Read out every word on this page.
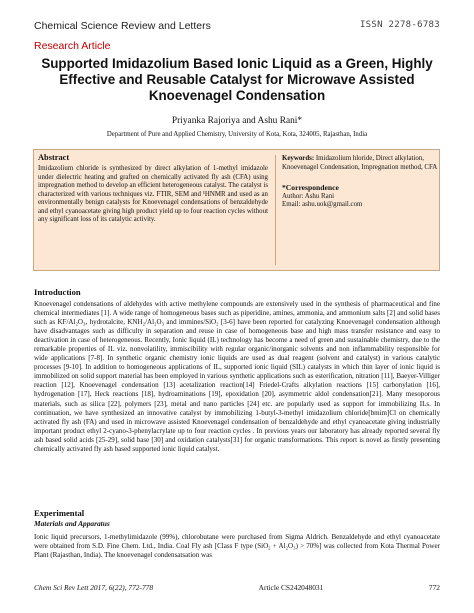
Chemical Science Review and Letters	ISSN 2278-6783
Research Article
Supported Imidazolium Based Ionic Liquid as a Green, Highly Effective and Reusable Catalyst for Microwave Assisted Knoevenagel Condensation
Priyanka Rajoriya and Ashu Rani*
Department of Pure and Applied Chemistry, University of Kota, Kota, 324005, Rajasthan, India
Abstract
Imidazolium chloride is synthesized by direct alkylation of 1-methyl imidazole under dielectric heating and grafted on chemically activated fly ash (CFA) using impregnation method to develop an efficient heterogeneous catalyst. The catalyst is characterized with various techniques viz. FTIR, SEM and ¹HNMR and used as an environmentally benign catalysts for Knoevenagel condensations of benzaldehyde and ethyl cyanoacetate giving high product yield up to four reaction cycles without any significant loss of its catalytic activity.
Keywords: Imidazolium hloride, Direct alkylation, Knoevenagel Condensation, Impregnation method, CFA
*Correspondence
Author: Ashu Rani
Email: ashu.uok@gmail.com
Introduction

Knoevenagel condensations of aldehydes with active methylene compounds are extensively used in the synthesis of pharmaceutical and fine chemical intermediates [1]. A wide range of homogeneous bases such as piperidine, amines, ammonia, and ammonium salts [2] and solid bases such as KF/Al₂O₃, hydrotalcite, KNH₂/Al₂O₃ and immines/SiO₂ [3-6] have been reported for catalyzing Knoevenagel condensation although have disadvantages such as difficulty in separation and reuse in case of homogeneous base and high mass transfer resistance and easy to deactivation in case of heterogeneous. Recently, Ionic liquid (IL) technology has become a need of green and sustainable chemistry, due to the remarkable properties of IL viz. nonvolatility, immiscibility with regular organic/inorganic solvents and non inflammability responsible for wide applications [7-8]. In synthetic organic chemistry ionic liquids are used as dual reagent (solvent and catalyst) in various catalytic processes [9-10]. In addition to homogeneous applications of IL, supported ionic liquid (SIL) catalysts in which thin layer of ionic liquid is immobilized on solid support material has been employed in various synthetic applications such as esterification, nitration [11], Baeyer-Villiger reaction [12], Knoevenagel condensation [13] acetalization reaction[14] Friedel-Crafts alkylation reactions [15] carbonylation [16], hydrogenation [17], Heck reactions [18], hydroaminations [19], epoxidation [20], asymmetric aldol condensation[21]. Many mesoporous materials, such as silica [22], polymers [23], metal and nano particles [24] etc. are popularly used as support for immobilizing ILs. In continuation, we have synthesized an innovative catalyst by immobilizing 1-butyl-3-methyl imidazolium chloride[bmim]Cl on chemically activated fly ash (FA) and used in microwave assisted Knoevenagel condensation of benzaldehyde and ethyl cyanoacetate giving industrially important product ethyl 2-cyano-3-phenylacrylate up to four reaction cycles . In previous years our laboratory has already reported several fly ash based solid acids [25-29], solid base [30] and oxidation catalysts[31] for organic transformations. This report is novel as firstly presenting chemically activated fly ash based supported ionic liquid catalyst.

Experimental
Materials and Apparatus

Ionic liquid precursors, 1-methylimidazole (99%), chlorobutane were purchased from Sigma Aldrich. Benzaldehyde and ethyl cyanoacetate were obtained from S.D. Fine Chem. Ltd., India. Coal Fly ash [Class F type (SiO₂ + Al₂O₃) > 70%] was collected from Kota Thermal Power Plant (Rajasthan, India). The knoevenagel condensatsation was

Chem Sci Rev Lett 2017, 6(22), 772-778	Article CS242048031	772
